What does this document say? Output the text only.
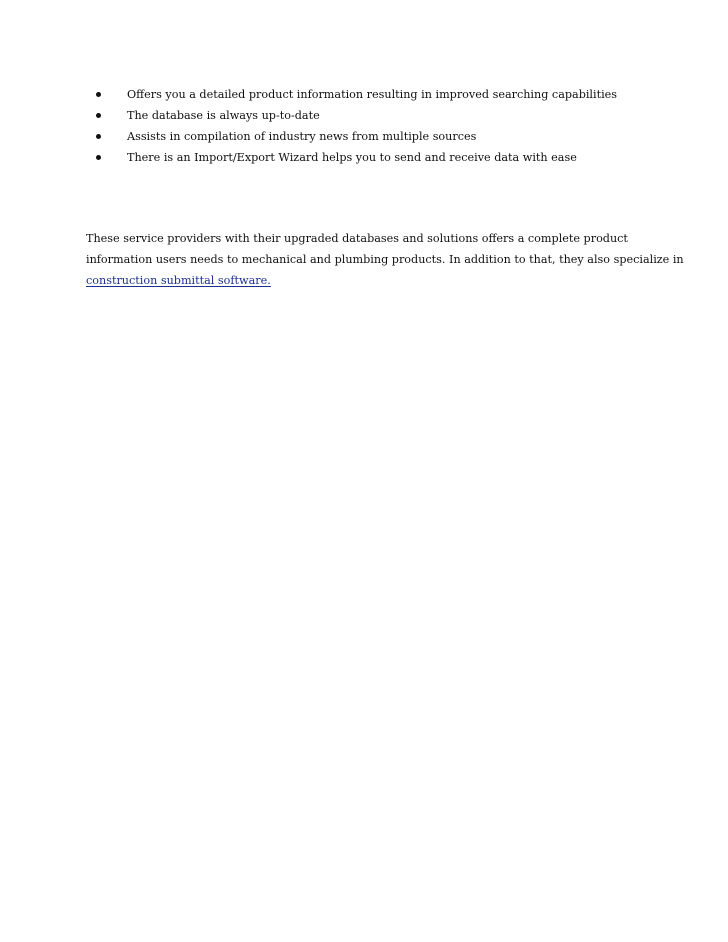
Offers you a detailed product information resulting in improved searching capabilities
The database is always up-to-date
Assists in compilation of industry news from multiple sources
There is an Import/Export Wizard helps you to send and receive data with ease

These service providers with their upgraded databases and solutions offers a complete product
information users needs to mechanical and plumbing products. In addition to that, they also specialize in
construction submittal software.
